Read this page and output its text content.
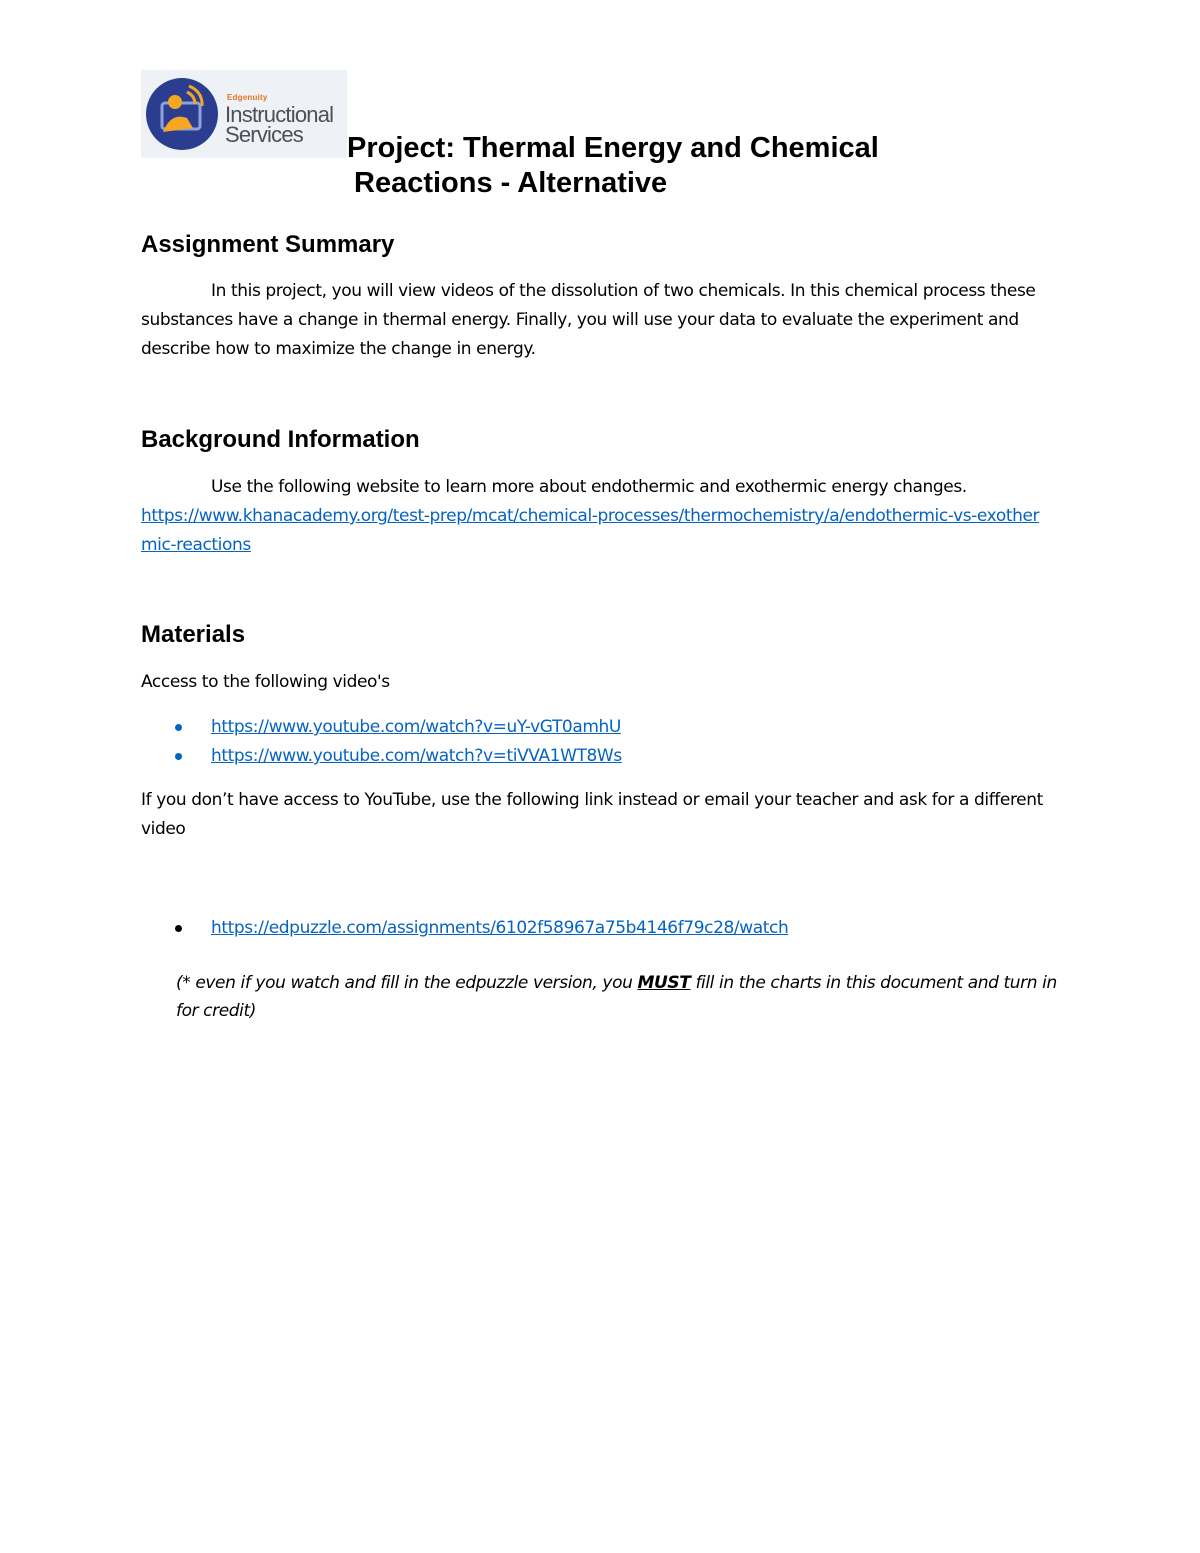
Edgenuity
Instructional
Services Project: Thermal Energy and Chemical
Reactions - Alternative
Assignment Summary

In this project, you will view videos of the dissolution of two chemicals. In this chemical process these substances have a change in thermal energy. Finally, you will use your data to evaluate the experiment and describe how to maximize the change in energy.

Background Information

Use the following website to learn more about endothermic and exothermic energy changes.

https://www.khanacademy.org/test-prep/mcat/chemical-processes/thermochemistry/a/endothermic-vs-exothermic-reactions

Materials

Access to the following video's

https://www.youtube.com/watch?v=uY-vGT0amhU
https://www.youtube.com/watch?v=tiVVA1WT8Ws

If you don’t have access to YouTube, use the following link instead or email your teacher and ask for a different video

https://edpuzzle.com/assignments/6102f58967a75b4146f79c28/watch

(* even if you watch and fill in the edpuzzle version, you MUST fill in the charts in this document and turn in for credit)
